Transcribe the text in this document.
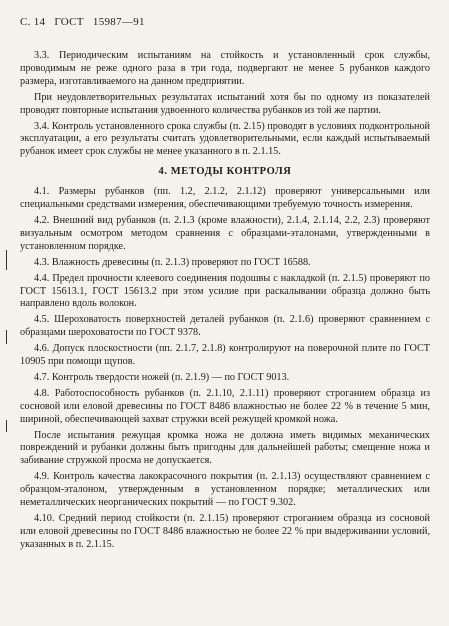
С. 14 ГОСТ 15987—91

3.3. Периодическим испытаниям на стойкость и установленный срок службы, проводимым не реже одного раза в три года, подвергают не менее 5 рубанков каждого размера, изготавливаемого на данном предприятии.

При неудовлетворительных результатах испытаний хотя бы по одному из показателей проводят повторные испытания удвоенного количества рубанков из той же партии.

3.4. Контроль установленного срока службы (п. 2.15) проводят в условиях подконтрольной эксплуатации, а его результаты считать удовлетворительными, если каждый испытываемый рубанок имеет срок службы не менее указанного в п. 2.1.15.

4. МЕТОДЫ КОНТРОЛЯ

4.1. Размеры рубанков (пп. 1.2, 2.1.2, 2.1.12) проверяют универсальными или специальными средствами измерения, обеспечивающими требуемую точность измерения.

4.2. Внешний вид рубанков (п. 2.1.3 (кроме влажности), 2.1.4, 2.1.14, 2.2, 2.3) проверяют визуальным осмотром методом сравнения с образцами-эталонами, утвержденными в установленном порядке.

4.3. Влажность древесины (п. 2.1.3) проверяют по ГОСТ 16588.

4.4. Предел прочности клеевого соединения подошвы с накладкой (п. 2.1.5) проверяют по ГОСТ 15613.1, ГОСТ 15613.2 при этом усилие при раскалывании образца должно быть направлено вдоль волокон.

4.5. Шероховатость поверхностей деталей рубанков (п. 2.1.6) проверяют сравнением с образцами шероховатости по ГОСТ 9378.

4.6. Допуск плоскостности (пп. 2.1.7, 2.1.8) контролируют на поверочной плите по ГОСТ 10905 при помощи щупов.

4.7. Контроль твердости ножей (п. 2.1.9) — по ГОСТ 9013.

4.8. Работоспособность рубанков (п. 2.1.10, 2.1.11) проверяют строганием образца из сосновой или еловой древесины по ГОСТ 8486 влажностью не более 22 % в течение 5 мин, шириной, обеспечивающей захват стружки всей режущей кромкой ножа.

После испытания режущая кромка ножа не должна иметь видимых механических повреждений и рубанки должны быть пригодны для дальнейшей работы; смещение ножа и забивание стружкой просма не допускается.

4.9. Контроль качества лакокрасочного покрытия (п. 2.1.13) осуществляют сравнением с образцом-эталоном, утвержденным в установленном порядке; металлических или неметаллических неорганических покрытий — по ГОСТ 9.302.

4.10. Средний период стойкости (п. 2.1.15) проверяют строганием образца из сосновой или еловой древесины по ГОСТ 8486 влажностью не более 22 % при выдерживании условий, указанных в п. 2.1.15.
